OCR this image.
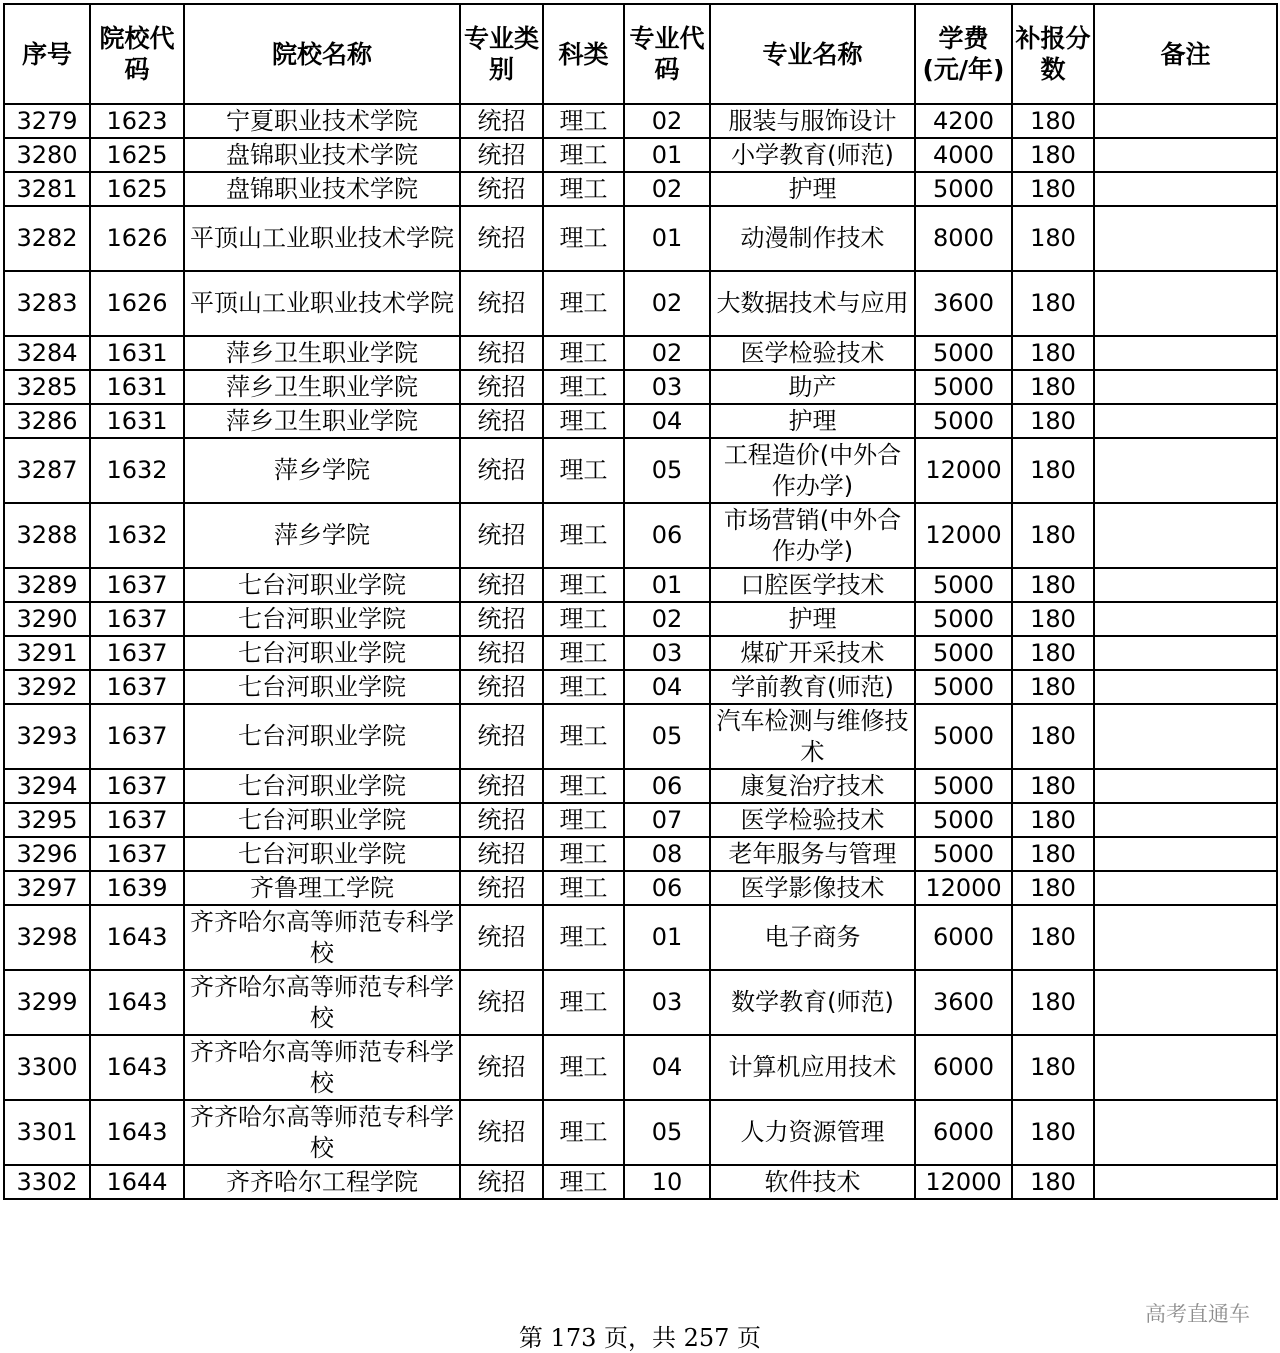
序号	院校代码	院校名称	专业类别	科类	专业代码	专业名称	学费(元/年)	补报分数	备注
3279	1623	宁夏职业技术学院	统招	理工	02	服装与服饰设计	4200	180	
3280	1625	盘锦职业技术学院	统招	理工	01	小学教育(师范)	4000	180	
3281	1625	盘锦职业技术学院	统招	理工	02	护理	5000	180	
3282	1626	平顶山工业职业技术学院	统招	理工	01	动漫制作技术	8000	180	
3283	1626	平顶山工业职业技术学院	统招	理工	02	大数据技术与应用	3600	180	
3284	1631	萍乡卫生职业学院	统招	理工	02	医学检验技术	5000	180	
3285	1631	萍乡卫生职业学院	统招	理工	03	助产	5000	180	
3286	1631	萍乡卫生职业学院	统招	理工	04	护理	5000	180	
3287	1632	萍乡学院	统招	理工	05	工程造价(中外合作办学)	12000	180	
3288	1632	萍乡学院	统招	理工	06	市场营销(中外合作办学)	12000	180	
3289	1637	七台河职业学院	统招	理工	01	口腔医学技术	5000	180	
3290	1637	七台河职业学院	统招	理工	02	护理	5000	180	
3291	1637	七台河职业学院	统招	理工	03	煤矿开采技术	5000	180	
3292	1637	七台河职业学院	统招	理工	04	学前教育(师范)	5000	180	
3293	1637	七台河职业学院	统招	理工	05	汽车检测与维修技术	5000	180	
3294	1637	七台河职业学院	统招	理工	06	康复治疗技术	5000	180	
3295	1637	七台河职业学院	统招	理工	07	医学检验技术	5000	180	
3296	1637	七台河职业学院	统招	理工	08	老年服务与管理	5000	180	
3297	1639	齐鲁理工学院	统招	理工	06	医学影像技术	12000	180	
3298	1643	齐齐哈尔高等师范专科学校	统招	理工	01	电子商务	6000	180	
3299	1643	齐齐哈尔高等师范专科学校	统招	理工	03	数学教育(师范)	3600	180	
3300	1643	齐齐哈尔高等师范专科学校	统招	理工	04	计算机应用技术	6000	180	
3301	1643	齐齐哈尔高等师范专科学校	统招	理工	05	人力资源管理	6000	180	
3302	1644	齐齐哈尔工程学院	统招	理工	10	软件技术	12000	180	
第 173 页，共 257 页
高考直通车
